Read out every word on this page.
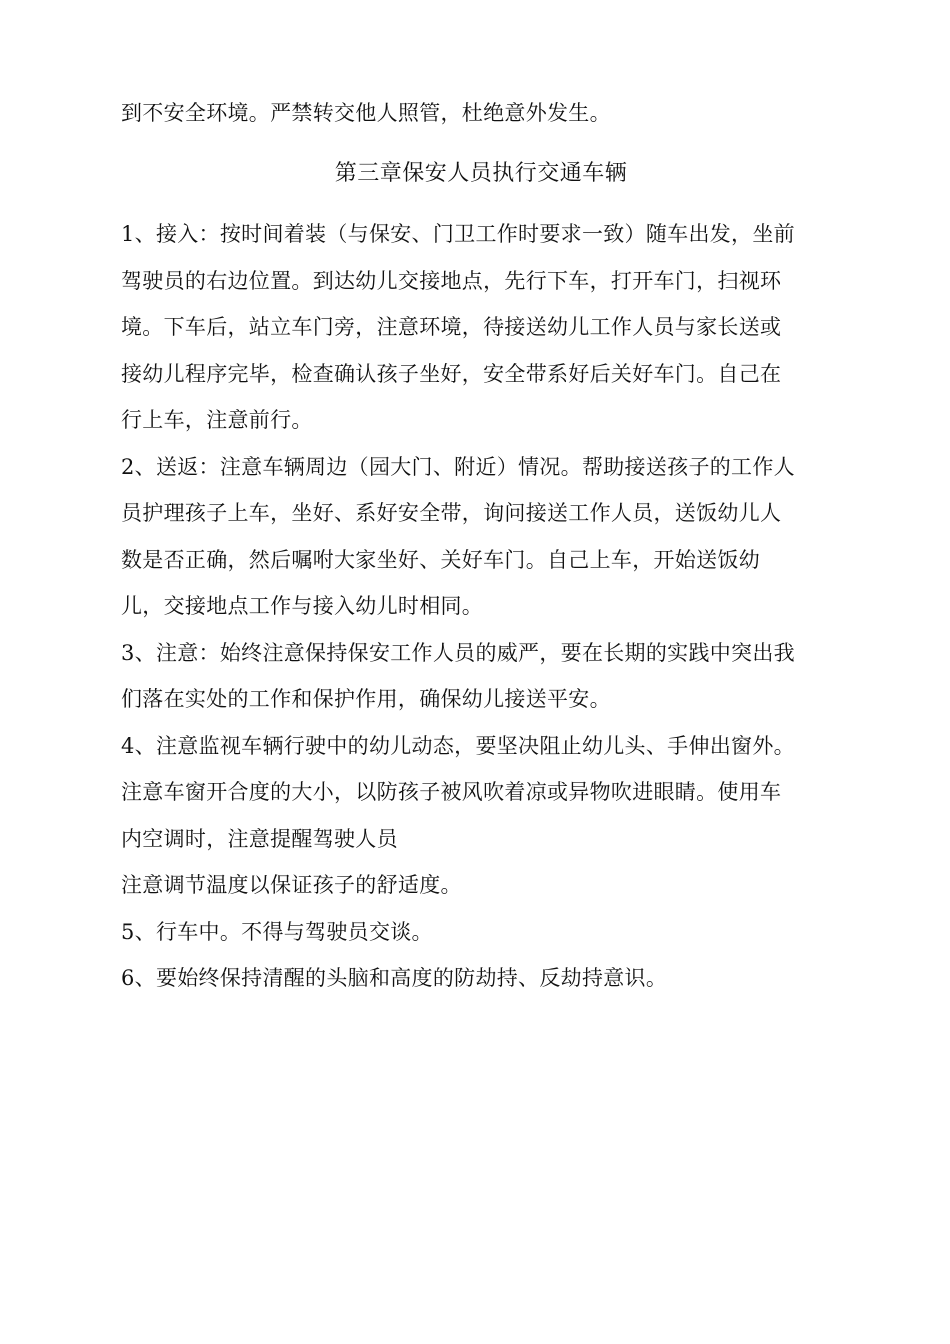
到不安全环境。严禁转交他人照管，杜绝意外发生。
第三章保安人员执行交通车辆
1、接入：按时间着装（与保安、门卫工作时要求一致）随车出发，坐前
驾驶员的右边位置。到达幼儿交接地点，先行下车，打开车门，扫视环
境。下车后，站立车门旁，注意环境，待接送幼儿工作人员与家长送或
接幼儿程序完毕，检查确认孩子坐好，安全带系好后关好车门。自己在
行上车，注意前行。
2、送返：注意车辆周边（园大门、附近）情况。帮助接送孩子的工作人
员护理孩子上车，坐好、系好安全带，询问接送工作人员，送饭幼儿人
数是否正确，然后嘱咐大家坐好、关好车门。自己上车，开始送饭幼
儿，交接地点工作与接入幼儿时相同。
3、注意：始终注意保持保安工作人员的威严，要在长期的实践中突出我
们落在实处的工作和保护作用，确保幼儿接送平安。
4、注意监视车辆行驶中的幼儿动态，要坚决阻止幼儿头、手伸出窗外。
注意车窗开合度的大小，以防孩子被风吹着凉或异物吹进眼睛。使用车
内空调时，注意提醒驾驶人员
注意调节温度以保证孩子的舒适度。
5、行车中。不得与驾驶员交谈。
6、要始终保持清醒的头脑和高度的防劫持、反劫持意识。
